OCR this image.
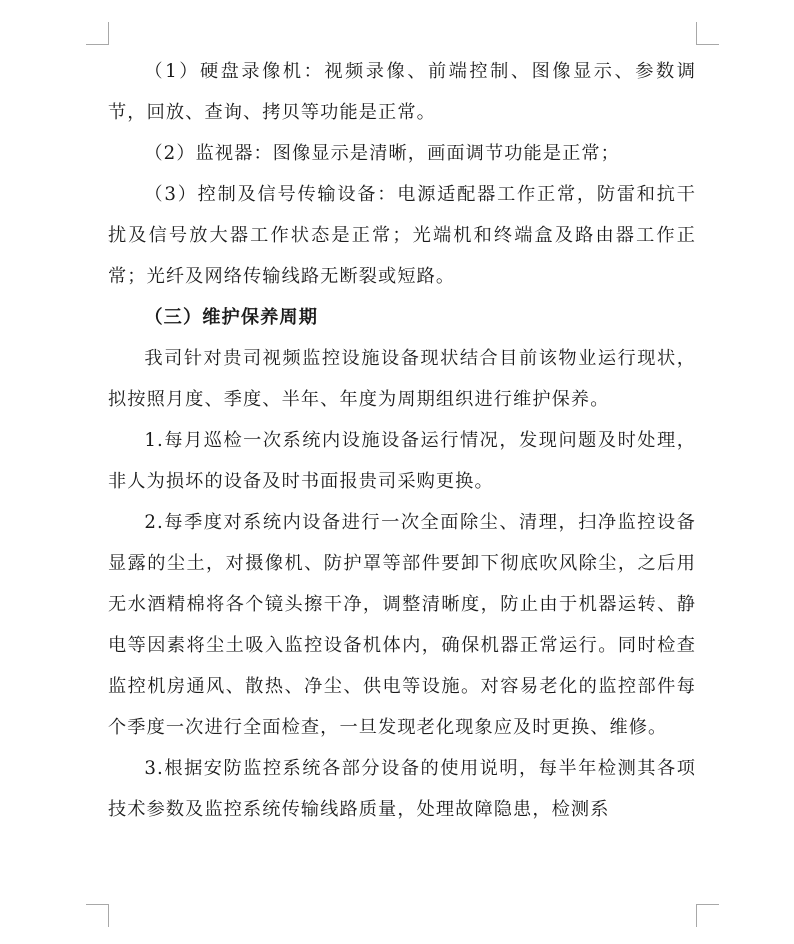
（1）硬盘录像机：视频录像、前端控制、图像显示、参数调节，回放、查询、拷贝等功能是正常。

（2）监视器：图像显示是清晰，画面调节功能是正常；

（3）控制及信号传输设备：电源适配器工作正常，防雷和抗干扰及信号放大器工作状态是正常；光端机和终端盒及路由器工作正常；光纤及网络传输线路无断裂或短路。

（三）维护保养周期

我司针对贵司视频监控设施设备现状结合目前该物业运行现状，拟按照月度、季度、半年、年度为周期组织进行维护保养。

1.每月巡检一次系统内设施设备运行情况，发现问题及时处理，非人为损坏的设备及时书面报贵司采购更换。

2.每季度对系统内设备进行一次全面除尘、清理，扫净监控设备显露的尘土，对摄像机、防护罩等部件要卸下彻底吹风除尘，之后用无水酒精棉将各个镜头擦干净，调整清晰度，防止由于机器运转、静电等因素将尘土吸入监控设备机体内，确保机器正常运行。同时检查监控机房通风、散热、净尘、供电等设施。对容易老化的监控部件每个季度一次进行全面检查，一旦发现老化现象应及时更换、维修。

3.根据安防监控系统各部分设备的使用说明，每半年检测其各项技术参数及监控系统传输线路质量，处理故障隐患，检测系
